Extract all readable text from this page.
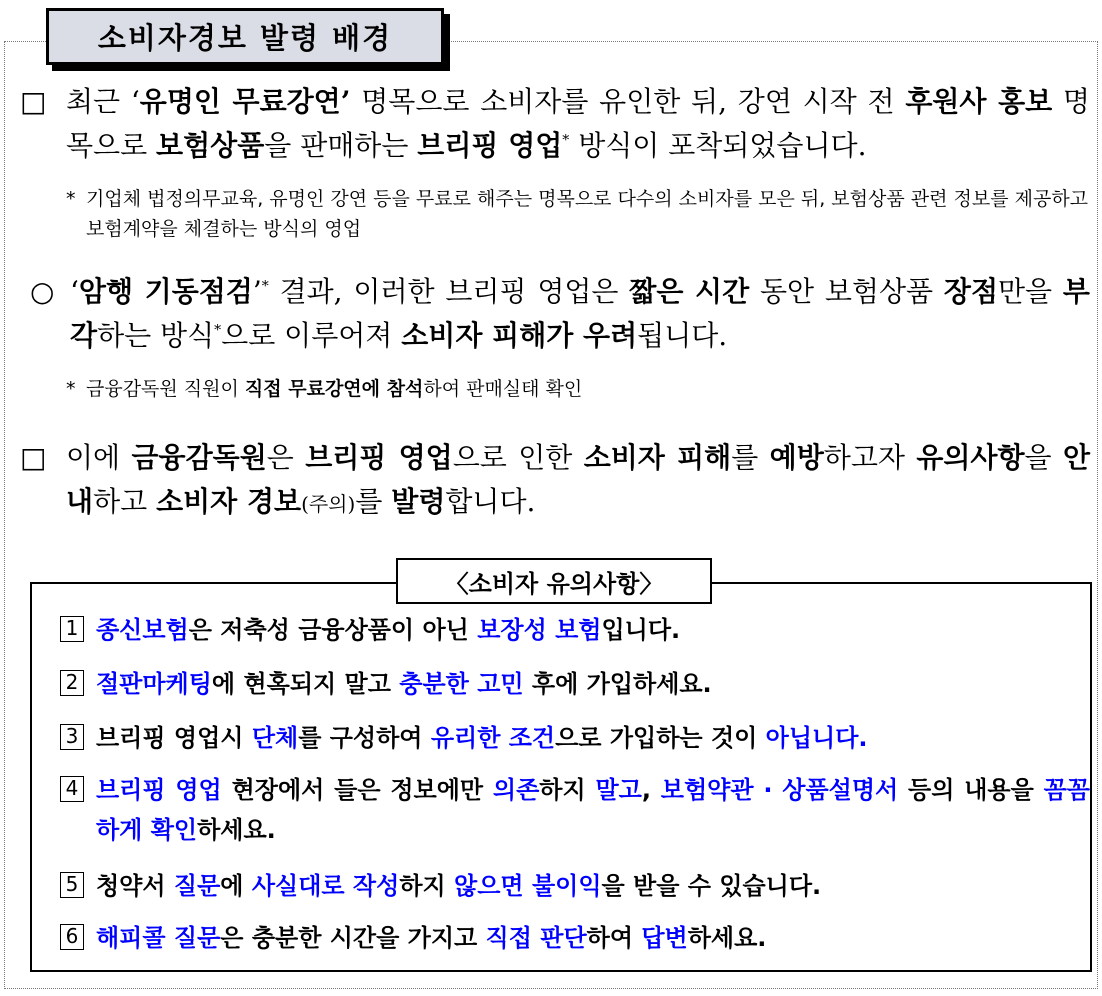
소비자경보 발령 배경
□ 최근 ‘유명인 무료강연’ 명목으로 소비자를 유인한 뒤, 강연 시작 전 후원사 홍보 명목으로 보험상품을 판매하는 브리핑 영업* 방식이 포착되었습니다.
* 기업체 법정의무교육, 유명인 강연 등을 무료로 해주는 명목으로 다수의 소비자를 모은 뒤, 보험상품 관련 정보를 제공하고 보험계약을 체결하는 방식의 영업
○ ‘암행 기동점검’* 결과, 이러한 브리핑 영업은 짧은 시간 동안 보험상품 장점만을 부각하는 방식*으로 이루어져 소비자 피해가 우려됩니다.
* 금융감독원 직원이 직접 무료강연에 참석하여 판매실태 확인
□ 이에 금융감독원은 브리핑 영업으로 인한 소비자 피해를 예방하고자 유의사항을 안내하고 소비자 경보(주의)를 발령합니다.
〈소비자 유의사항〉
1 종신보험은 저축성 금융상품이 아닌 보장성 보험입니다.
2 절판마케팅에 현혹되지 말고 충분한 고민 후에 가입하세요.
3 브리핑 영업시 단체를 구성하여 유리한 조건으로 가입하는 것이 아닙니다.
4 브리핑 영업 현장에서 들은 정보에만 의존하지 말고, 보험약관 · 상품설명서 등의 내용을 꼼꼼하게 확인하세요.
5 청약서 질문에 사실대로 작성하지 않으면 불이익을 받을 수 있습니다.
6 해피콜 질문은 충분한 시간을 가지고 직접 판단하여 답변하세요.
